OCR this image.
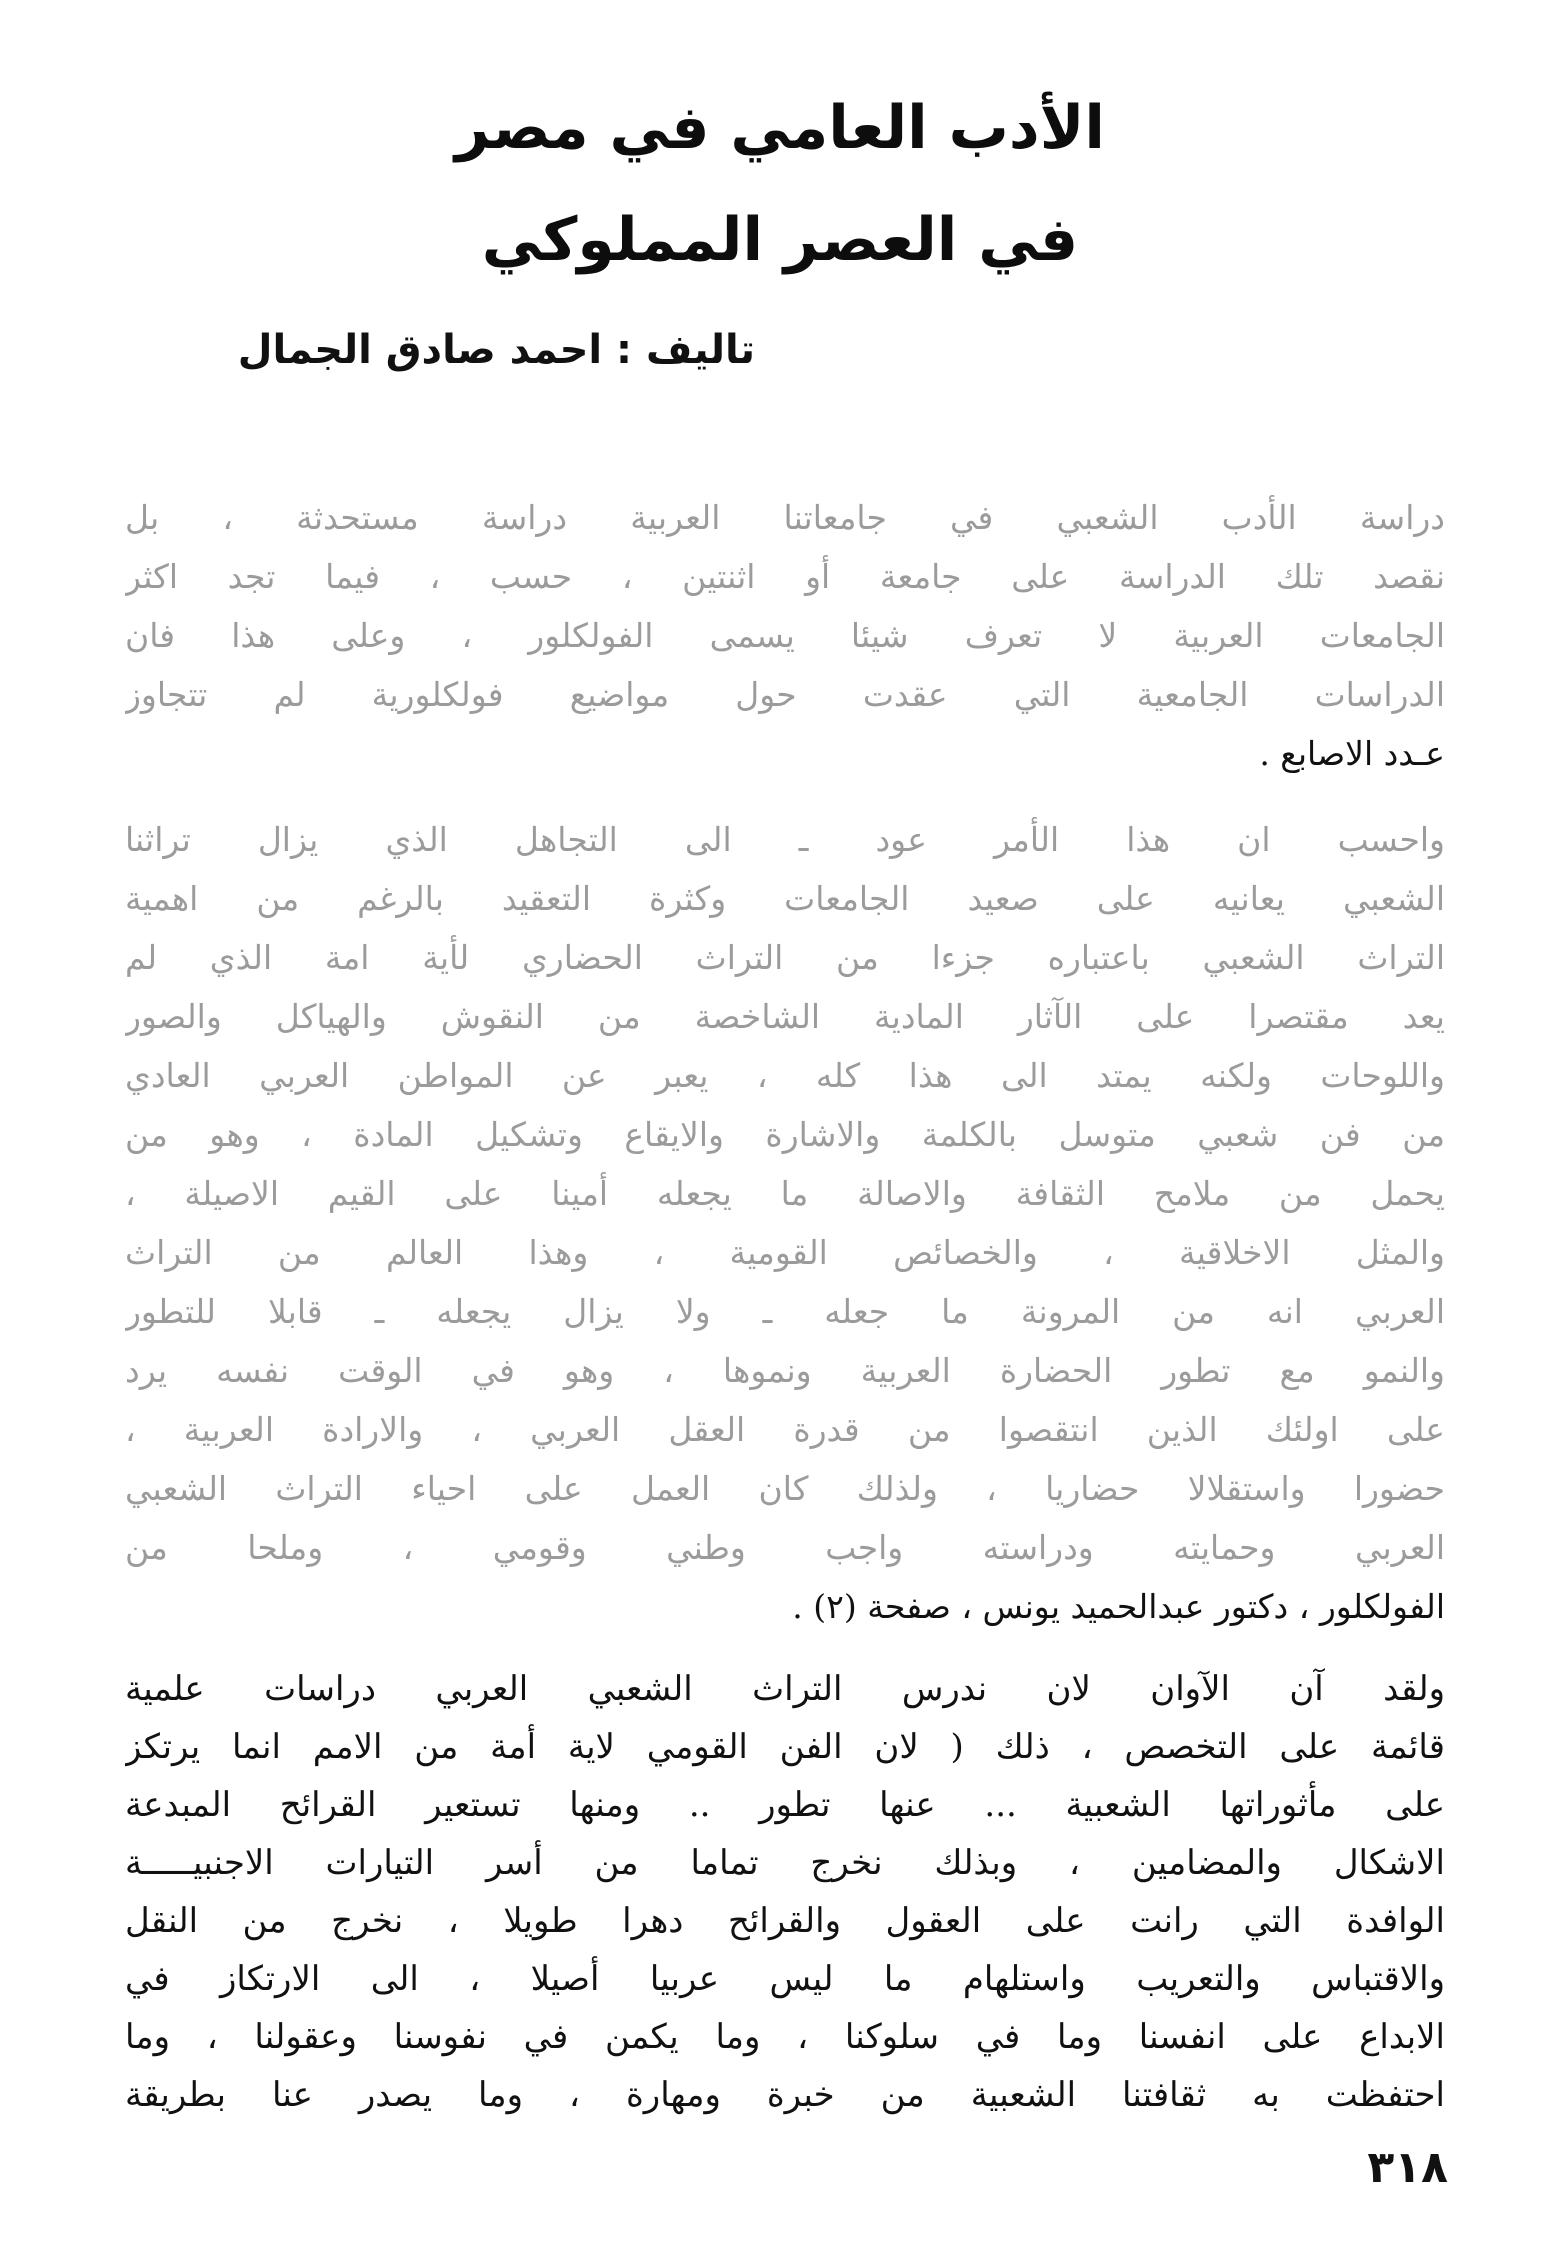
الأدب العامي في مصر
في العصر المملوكي
تاليف : احمد صادق الجمال
دراسة الأدب الشعبي في جامعاتنا العربية دراسة مستحدثة ، بل
نقصد تلك الدراسة على جامعة أو اثنتين ، حسب ، فيما تجد اكثر
الجامعات العربية لا تعرف شيئا يسمى الفولكلور ، وعلى هذا فان
الدراسات الجامعية التي عقدت حول مواضيع فولكلورية لم تتجاوز
عـدد الاصابع .
واحسب ان هذا الأمر عود ـ الى التجاهل الذي يزال تراثنا
الشعبي يعانيه على صعيد الجامعات وكثرة التعقيد بالرغم من اهمية
التراث الشعبي باعتباره جزءا من التراث الحضاري لأية امة الذي لم
يعد مقتصرا على الآثار المادية الشاخصة من النقوش والهياكل والصور
واللوحات ولكنه يمتد الى هذا كله ، يعبر عن المواطن العربي العادي
من فن شعبي متوسل بالكلمة والاشارة والايقاع وتشكيل المادة ، وهو من
يحمل من ملامح الثقافة والاصالة ما يجعله أمينا على القيم الاصيلة ،
والمثل الاخلاقية ، والخصائص القومية ، وهذا العالم من التراث
العربي انه من المرونة ما جعله ـ ولا يزال يجعله ـ قابلا للتطور
والنمو مع تطور الحضارة العربية ونموها ، وهو في الوقت نفسه يرد
على اولئك الذين انتقصوا من قدرة العقل العربي ، والارادة العربية ،
حضورا واستقلالا حضاريا ، ولذلك كان العمل على احياء التراث الشعبي
العربي وحمايته ودراسته واجب وطني وقومي ، وملحا من
الفولكلور ، دكتور عبدالحميد يونس ، صفحة (٢) .
ولقد آن الآوان لان ندرس التراث الشعبي العربي دراسات علمية
قائمة على التخصص ، ذلك ( لان الفن القومي لاية أمة من الامم انما يرتكز
على مأثوراتها الشعبية ... عنها تطور .. ومنها تستعير القرائح المبدعة
الاشكال والمضامين ، وبذلك نخرج تماما من أسر التيارات الاجنبيـــــة
الوافدة التي رانت على العقول والقرائح دهرا طويلا ، نخرج من النقل
والاقتباس والتعريب واستلهام ما ليس عربيا أصيلا ، الى الارتكاز في
الابداع على انفسنا وما في سلوكنا ، وما يكمن في نفوسنا وعقولنا ، وما
احتفظت به ثقافتنا الشعبية من خبرة ومهارة ، وما يصدر عنا بطريقة
٣١٨
